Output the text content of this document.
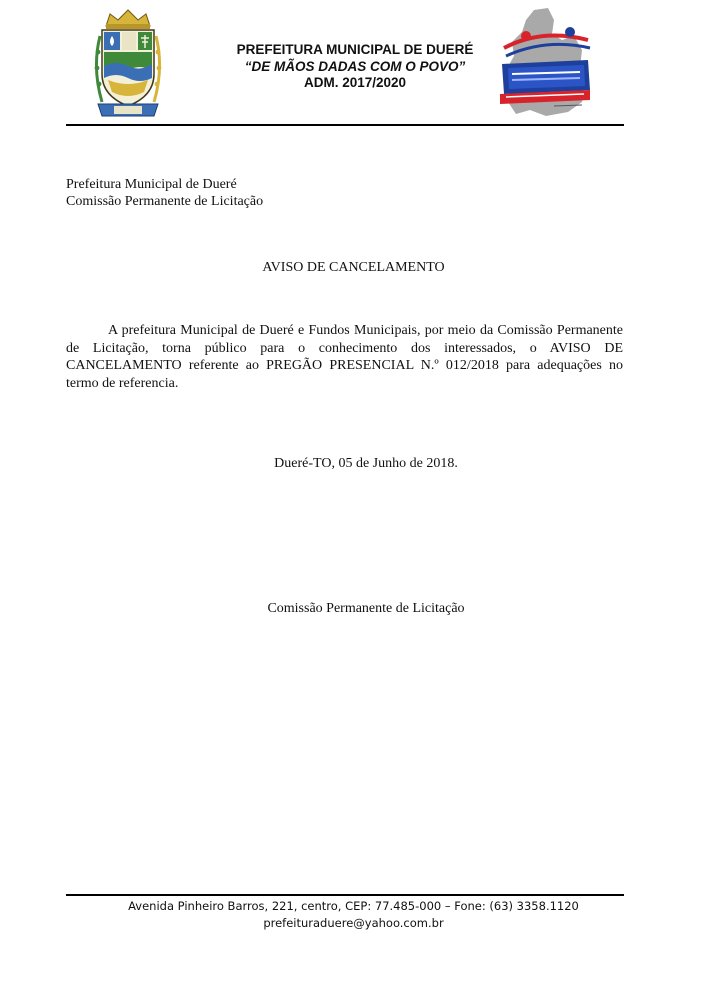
PREFEITURA MUNICIPAL DE DUERÉ
“DE MÃOS DADAS COM O POVO”
ADM. 2017/2020
Prefeitura Municipal de Dueré
Comissão Permanente de Licitação
AVISO DE CANCELAMENTO
A prefeitura Municipal de Dueré e Fundos Municipais, por meio da Comissão Permanente de Licitação, torna público para o conhecimento dos interessados, o AVISO DE CANCELAMENTO referente ao PREGÃO PRESENCIAL N.º 012/2018 para adequações no termo de referencia.
Dueré-TO, 05 de Junho de 2018.
Comissão Permanente de Licitação
Avenida Pinheiro Barros, 221, centro, CEP: 77.485-000 – Fone: (63) 3358.1120
prefeituraduere@yahoo.com.br
